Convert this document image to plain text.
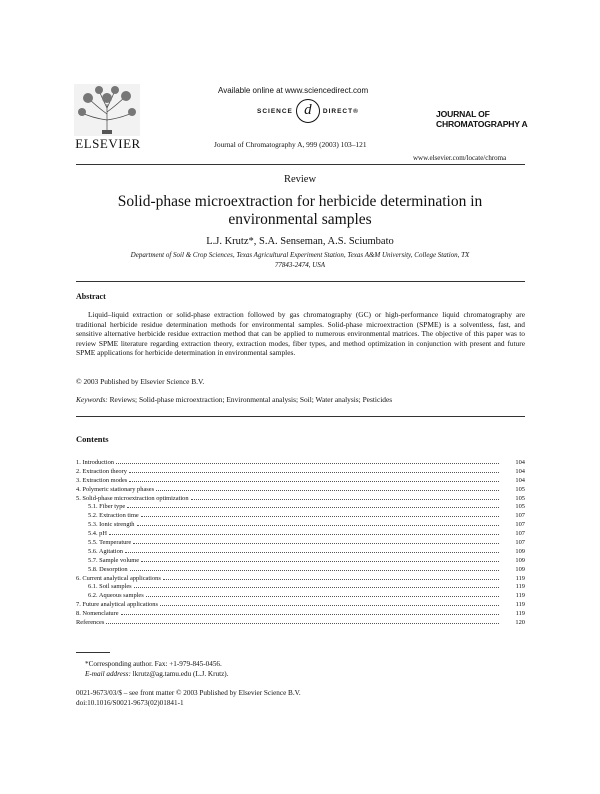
ELSEVIER
Available online at www.sciencedirect.com
SCIENCE d	DIRECT®
Journal of Chromatography A, 999 (2003) 103–121
JOURNAL OF
CHROMATOGRAPHY A
www.elsevier.com/locate/chroma
Review
Solid-phase microextraction for herbicide determination in environmental samples
L.J. Krutz*, S.A. Senseman, A.S. Sciumbato
Department of Soil & Crop Sciences, Texas Agricultural Experiment Station, Texas A&M University, College Station, TX 77843-2474, USA
Abstract

Liquid–liquid extraction or solid-phase extraction followed by gas chromatography (GC) or high-performance liquid chromatography are traditional herbicide residue determination methods for environmental samples. Solid-phase microextraction (SPME) is a solventless, fast, and sensitive alternative herbicide residue extraction method that can be applied to numerous environmental matrices. The objective of this paper was to review SPME literature regarding extraction theory, extraction modes, fiber types, and method optimization in conjunction with present and future SPME applications for herbicide determination in environmental samples.

© 2003 Published by Elsevier Science B.V.
Keywords: Reviews; Solid-phase microextraction; Environmental analysis; Soil; Water analysis; Pesticides
Contents
1. Introduction	104
2. Extraction theory	104
3. Extraction modes	104
4. Polymeric stationary phases	105
5. Solid-phase microextraction optimization	105
5.1. Fiber type	105
5.2. Extraction time	107
5.3. Ionic strength	107
5.4. pH	107
5.5. Temperature	107
5.6. Agitation	109
5.7. Sample volume	109
5.8. Desorption	109
6. Current analytical applications	119
6.1. Soil samples	119
6.2. Aqueous samples	119
7. Future analytical applications	119
8. Nomenclature	119
References	120
*Corresponding author. Fax: +1-979-845-0456.
E-mail address: lkrutz@ag.tamu.edu (L.J. Krutz).
0021-9673/03/$ – see front matter © 2003 Published by Elsevier Science B.V.
doi:10.1016/S0021-9673(02)01841-1
